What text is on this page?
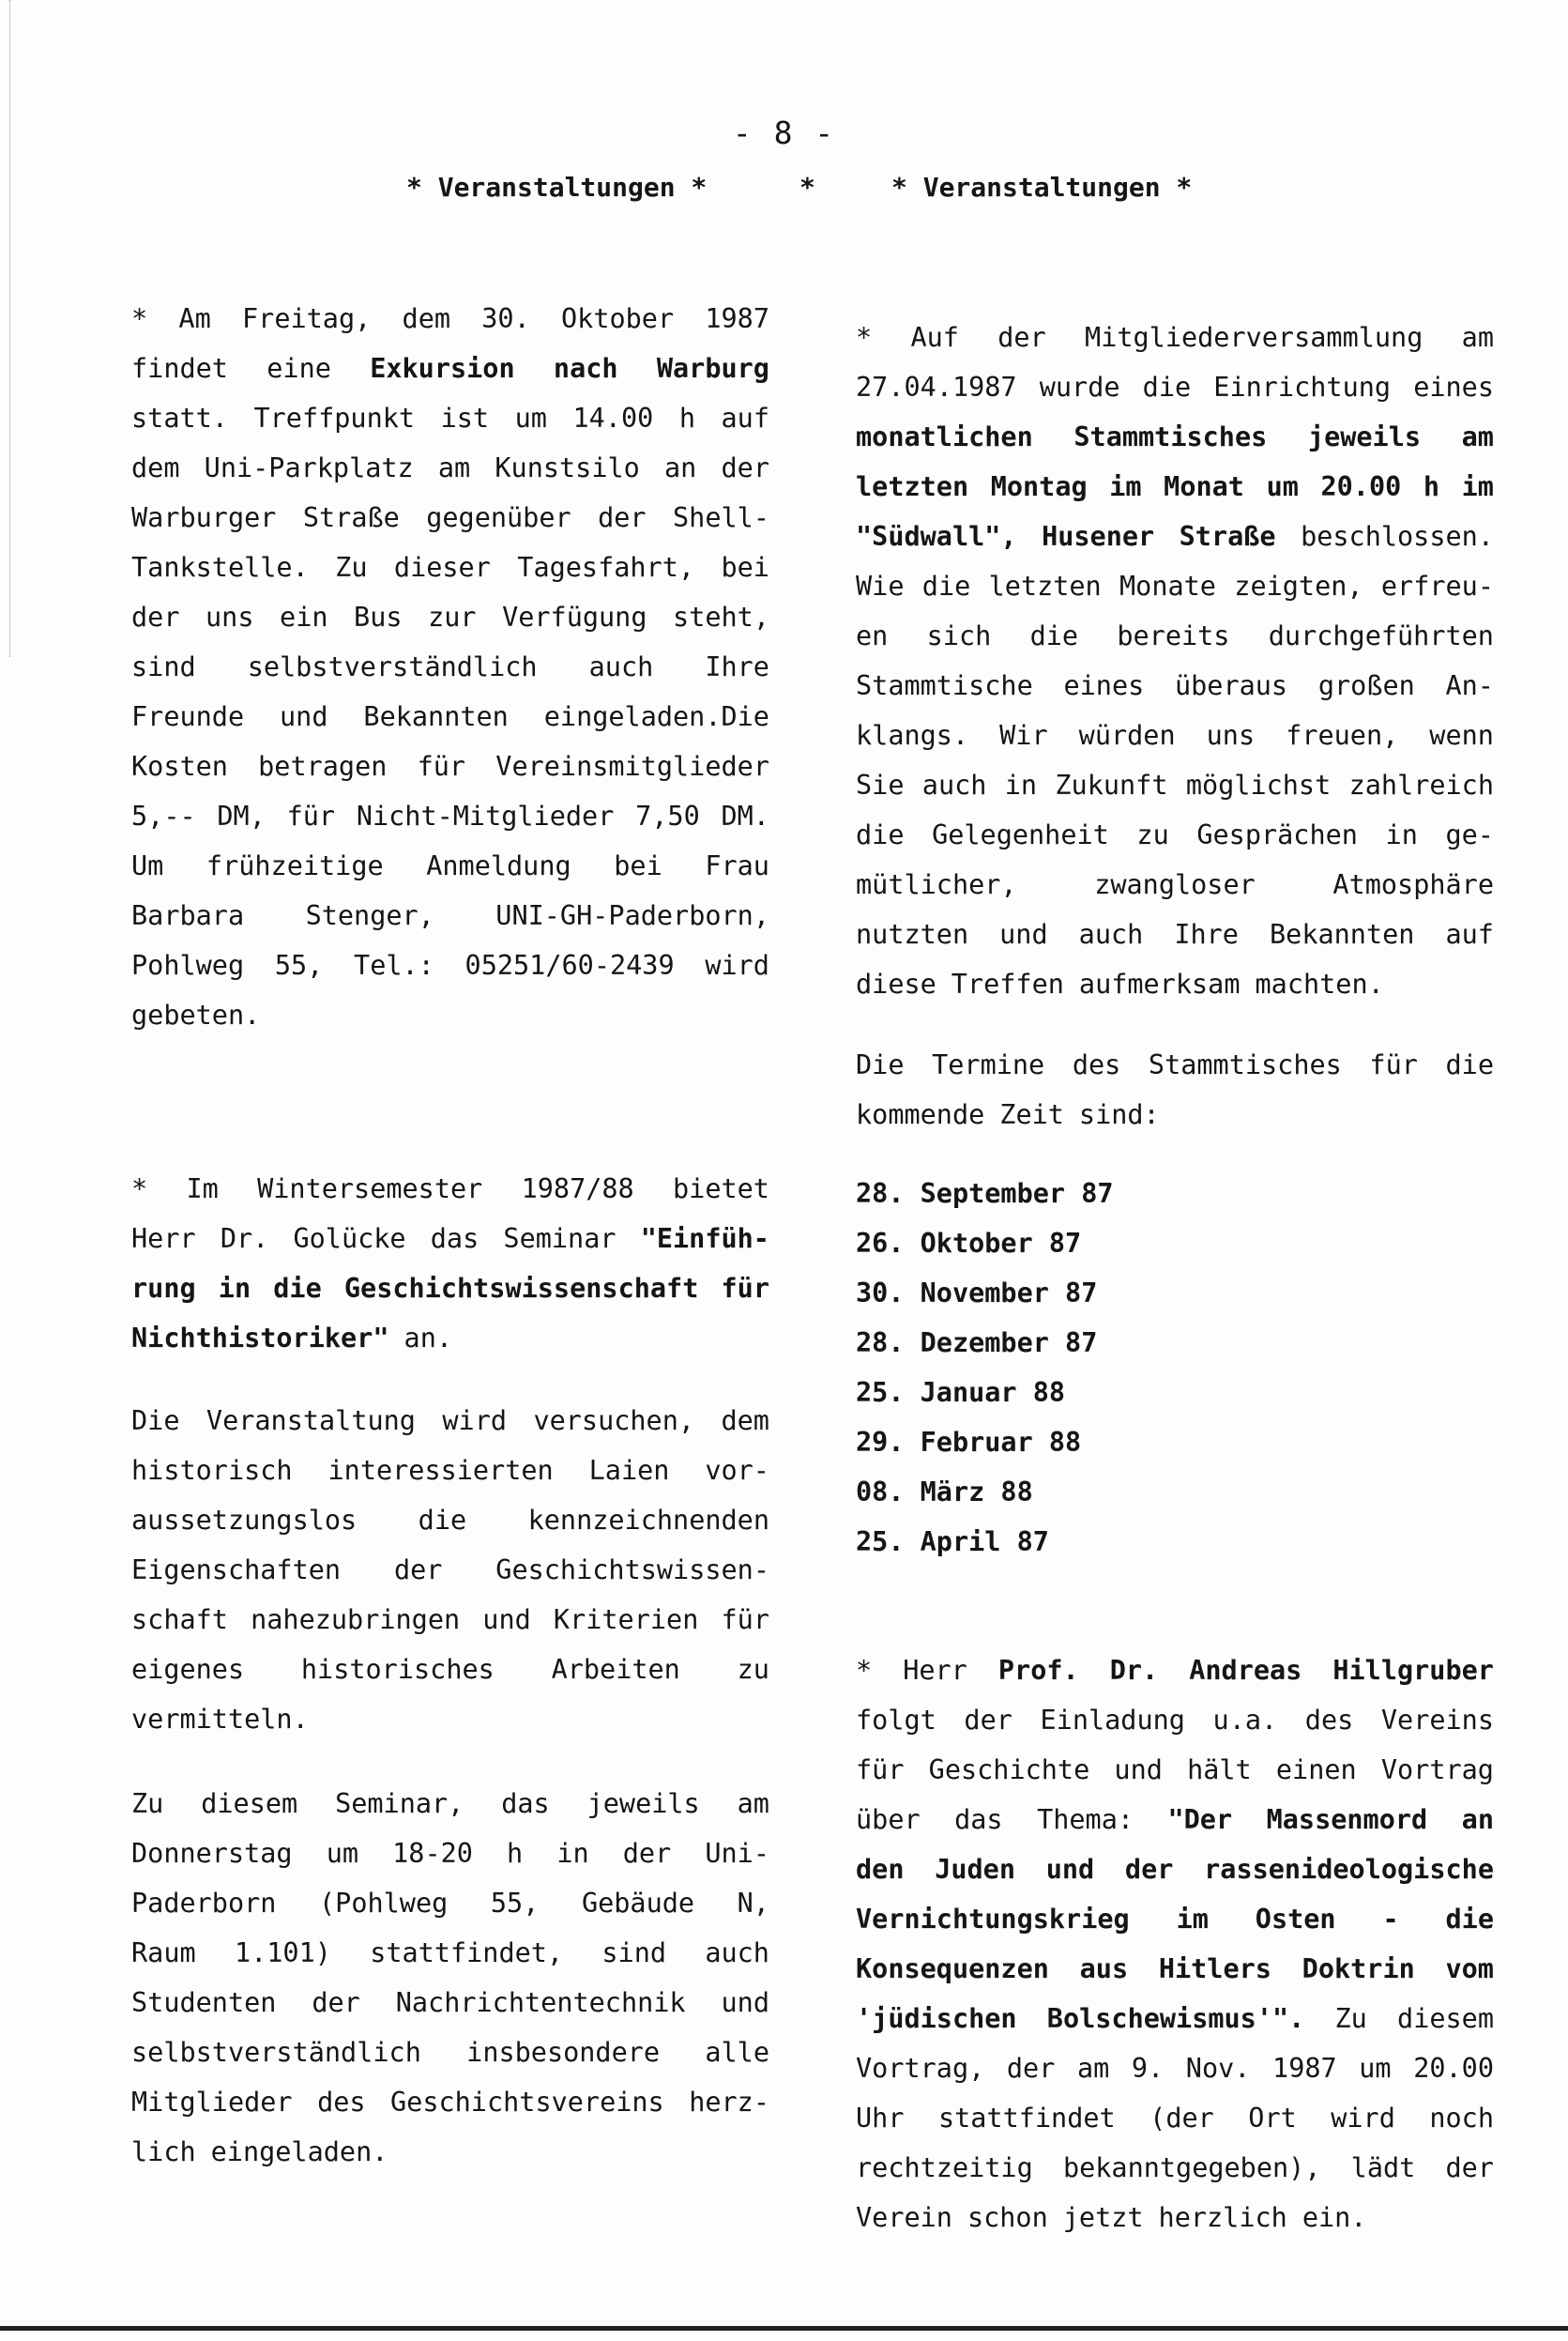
- 8 -
* Veranstaltungen *	*	* Veranstaltungen *
* Am Freitag, dem 30. Oktober 1987
findet eine Exkursion nach Warburg
statt. Treffpunkt ist um 14.00 h auf
dem Uni-Parkplatz am Kunstsilo an der
Warburger Straße gegenüber der Shell-
Tankstelle. Zu dieser Tagesfahrt, bei
der uns ein Bus zur Verfügung steht,
sind selbstverständlich auch Ihre
Freunde und Bekannten eingeladen.Die
Kosten betragen für Vereinsmitglieder
5,-- DM, für Nicht-Mitglieder 7,50 DM.
Um frühzeitige Anmeldung bei Frau
Barbara Stenger, UNI-GH-Paderborn,
Pohlweg 55, Tel.: 05251/60-2439 wird
gebeten.
* Im Wintersemester 1987/88 bietet
Herr Dr. Golücke das Seminar "Einfüh-
rung in die Geschichtswissenschaft für
Nichthistoriker" an.
Die Veranstaltung wird versuchen, dem
historisch interessierten Laien vor-
aussetzungslos die kennzeichnenden
Eigenschaften der Geschichtswissen-
schaft nahezubringen und Kriterien für
eigenes historisches Arbeiten zu
vermitteln.
Zu diesem Seminar, das jeweils am
Donnerstag um 18-20 h in der Uni-
Paderborn (Pohlweg 55, Gebäude N,
Raum 1.101) stattfindet, sind auch
Studenten der Nachrichtentechnik und
selbstverständlich insbesondere alle
Mitglieder des Geschichtsvereins herz-
lich eingeladen.
* Auf der Mitgliederversammlung am
27.04.1987 wurde die Einrichtung eines
monatlichen Stammtisches jeweils am
letzten Montag im Monat um 20.00 h im
"Südwall", Husener Straße beschlossen.
Wie die letzten Monate zeigten, erfreu-
en sich die bereits durchgeführten
Stammtische eines überaus großen An-
klangs. Wir würden uns freuen, wenn
Sie auch in Zukunft möglichst zahlreich
die Gelegenheit zu Gesprächen in ge-
mütlicher,	zwangloser	Atmosphäre
nutzten und auch Ihre Bekannten auf
diese Treffen aufmerksam machten.
Die Termine des Stammtisches für die
kommende Zeit sind:
28. September 87
26. Oktober 87
30. November 87
28. Dezember 87
25. Januar 88
29. Februar 88
08. März 88
25. April 87
* Herr Prof. Dr. Andreas Hillgruber
folgt der Einladung u.a. des Vereins
für Geschichte und hält einen Vortrag
über das Thema: "Der Massenmord an
den Juden und der rassenideologische
Vernichtungskrieg im Osten - die
Konsequenzen aus Hitlers Doktrin vom
'jüdischen Bolschewismus'". Zu diesem
Vortrag, der am 9. Nov. 1987 um 20.00
Uhr stattfindet (der Ort wird noch
rechtzeitig bekanntgegeben), lädt der
Verein schon jetzt herzlich ein.
